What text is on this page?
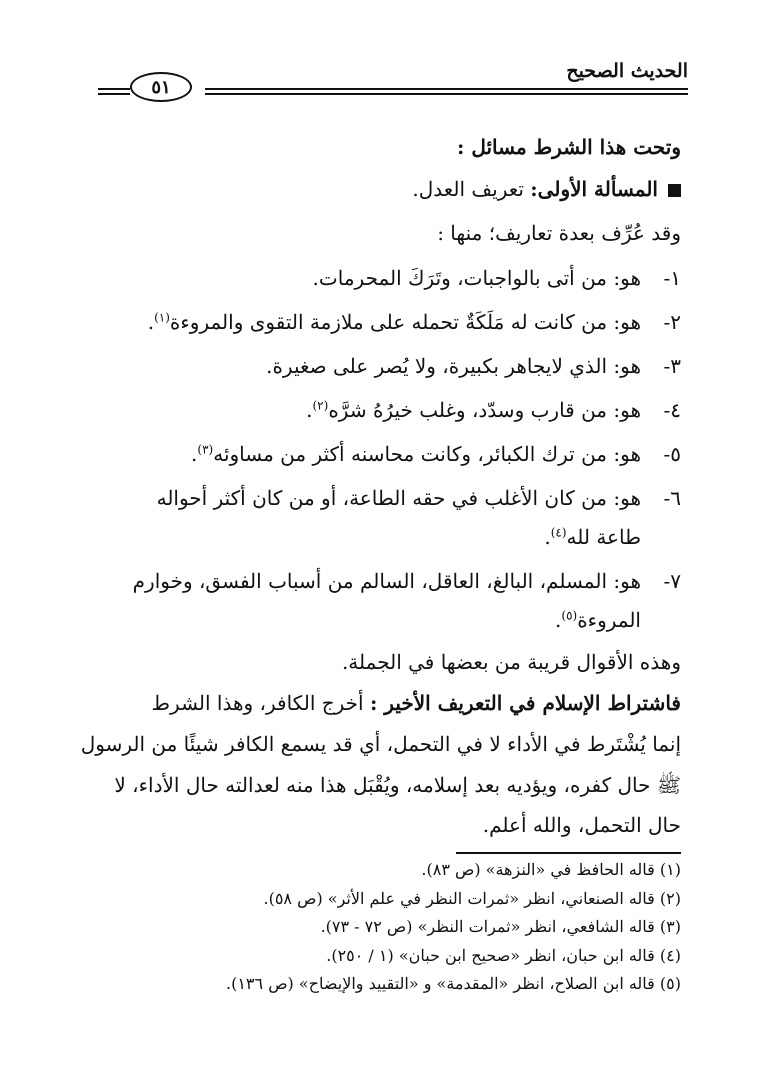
الحديث الصحيح
٥١
وتحت هذا الشرط مسائل :
المسألة الأولى: تعريف العدل.
وقد عُرِّف بعدة تعاريف؛ منها :
١-هو: من أتى بالواجبات، وتَرَكَ المحرمات.
٢-هو: من كانت له مَلَكَةٌ تحمله على ملازمة التقوى والمروءة$^{(١)}$.
٣-هو: الذي لايجاهر بكبيرة، ولا يُصر على صغيرة.
٤-هو: من قارب وسدّد، وغلب خيرُهُ شرَّه$^{(٢)}$.
٥-هو: من ترك الكبائر، وكانت محاسنه أكثر من مساوئه$^{(٣)}$.
٦-هو: من كان الأغلب في حقه الطاعة، أو من كان أكثر أحواله
طاعة لله$^{(٤)}$.
٧-هو: المسلم، البالغ، العاقل، السالم من أسباب الفسق، وخوارم
المروءة$^{(٥)}$.
وهذه الأقوال قريبة من بعضها في الجملة.
فاشتراط الإسلام في التعريف الأخير : أخرج الكافر، وهذا الشرط
إنما يُشْتَرط في الأداء لا في التحمل، أي قد يسمع الكافر شيئًا من الرسول
ﷺ حال كفره، ويؤديه بعد إسلامه، ويُقْبَل هذا منه لعدالته حال الأداء، لا
حال التحمل، والله أعلم.
(١) قاله الحافظ في «النزهة» (ص ٨٣).
(٢) قاله الصنعاني، انظر «ثمرات النظر في علم الأثر» (ص ٥٨).
(٣) قاله الشافعي، انظر «ثمرات النظر» (ص ٧٢ - ٧٣).
(٤) قاله ابن حبان، انظر «صحيح ابن حبان» (١ / ٢٥٠).
(٥) قاله ابن الصلاح، انظر «المقدمة» و «التقييد والإيضاح» (ص ١٣٦).
